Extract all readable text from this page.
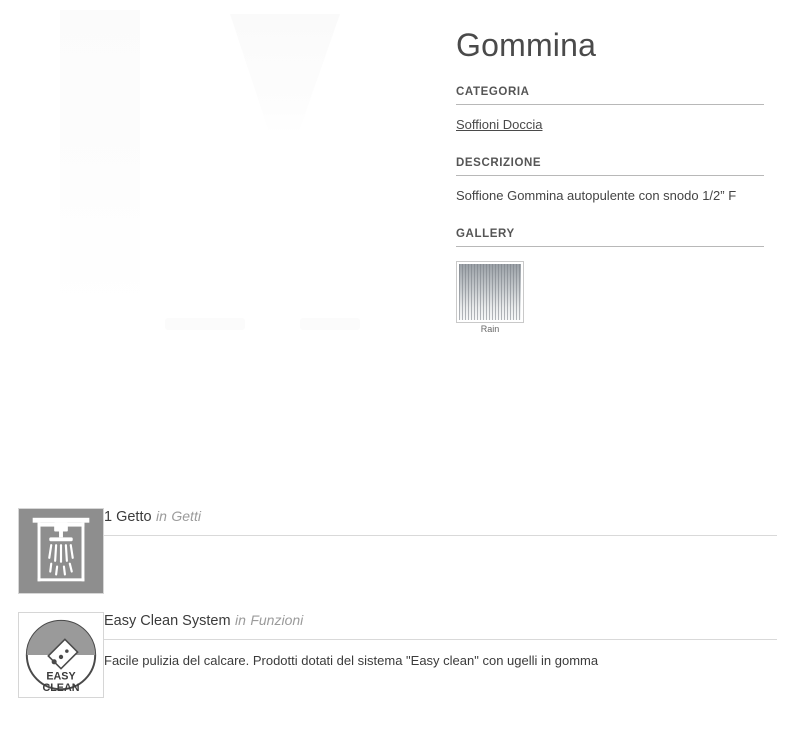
Gommina
CATEGORIA
Soffioni Doccia
DESCRIZIONE
Soffione Gommina autopulente con snodo 1/2” F
GALLERY
Rain
1 Getto in Getti
EASY
CLEAN
Easy Clean System in Funzioni
Facile pulizia del calcare. Prodotti dotati del sistema "Easy clean" con ugelli in gomma
